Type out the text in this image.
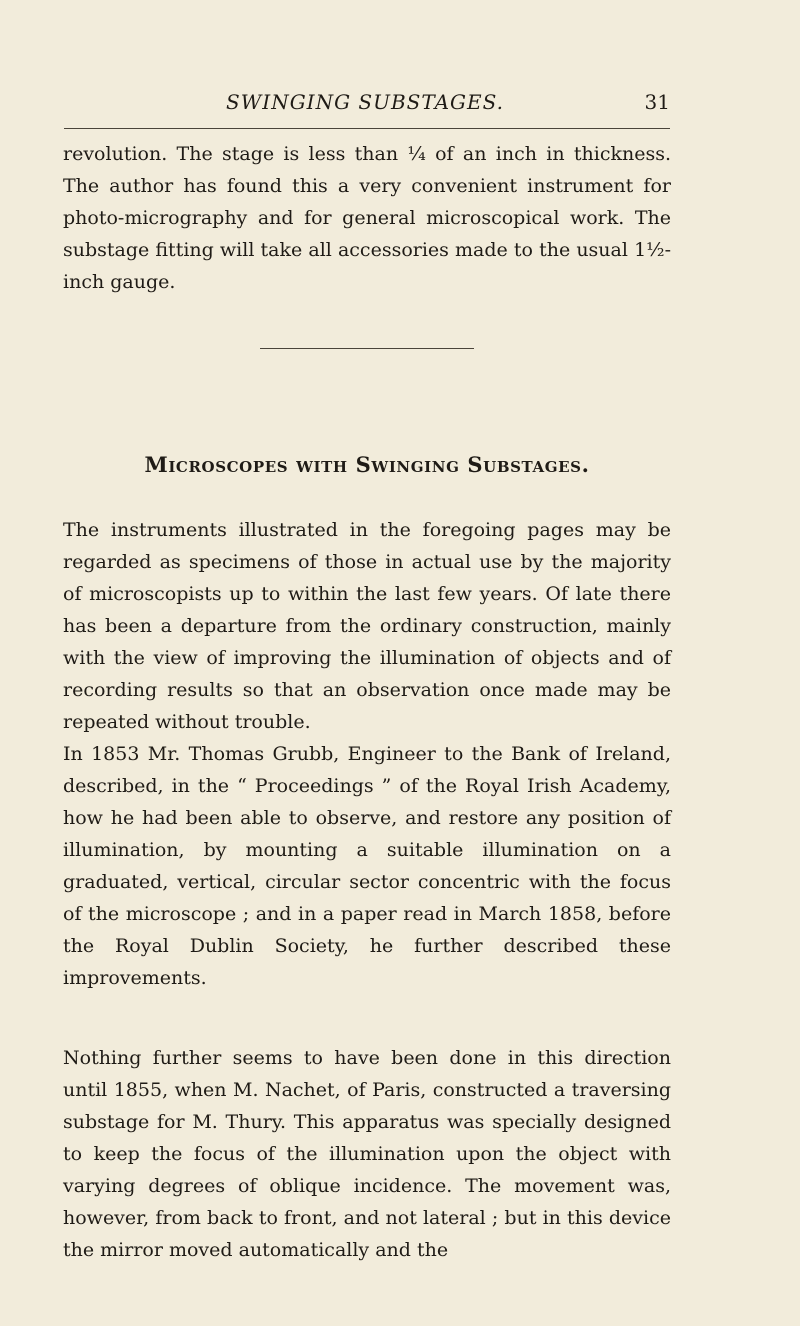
SWINGING SUBSTAGES.	31

revolution. The stage is less than ¼ of an inch in thickness. The author has found this a very convenient instrument for photo-micrography and for general microscopical work. The substage fitting will take all accessories made to the usual 1½-inch gauge.

Microscopes with Swinging Substages.

The instruments illustrated in the foregoing pages may be regarded as specimens of those in actual use by the majority of microscopists up to within the last few years. Of late there has been a departure from the ordinary construction, mainly with the view of improving the illumination of objects and of recording results so that an observation once made may be repeated without trouble.

In 1853 Mr. Thomas Grubb, Engineer to the Bank of Ireland, described, in the “ Proceedings ” of the Royal Irish Academy, how he had been able to observe, and restore any position of illumination, by mounting a suitable illumination on a graduated, vertical, circular sector concentric with the focus of the microscope ; and in a paper read in March 1858, before the Royal Dublin Society, he further described these improvements.

Nothing further seems to have been done in this direction until 1855, when M. Nachet, of Paris, constructed a traversing substage for M. Thury. This apparatus was specially designed to keep the focus of the illumination upon the object with varying degrees of oblique incidence. The movement was, however, from back to front, and not lateral ; but in this device the mirror moved automatically and the
